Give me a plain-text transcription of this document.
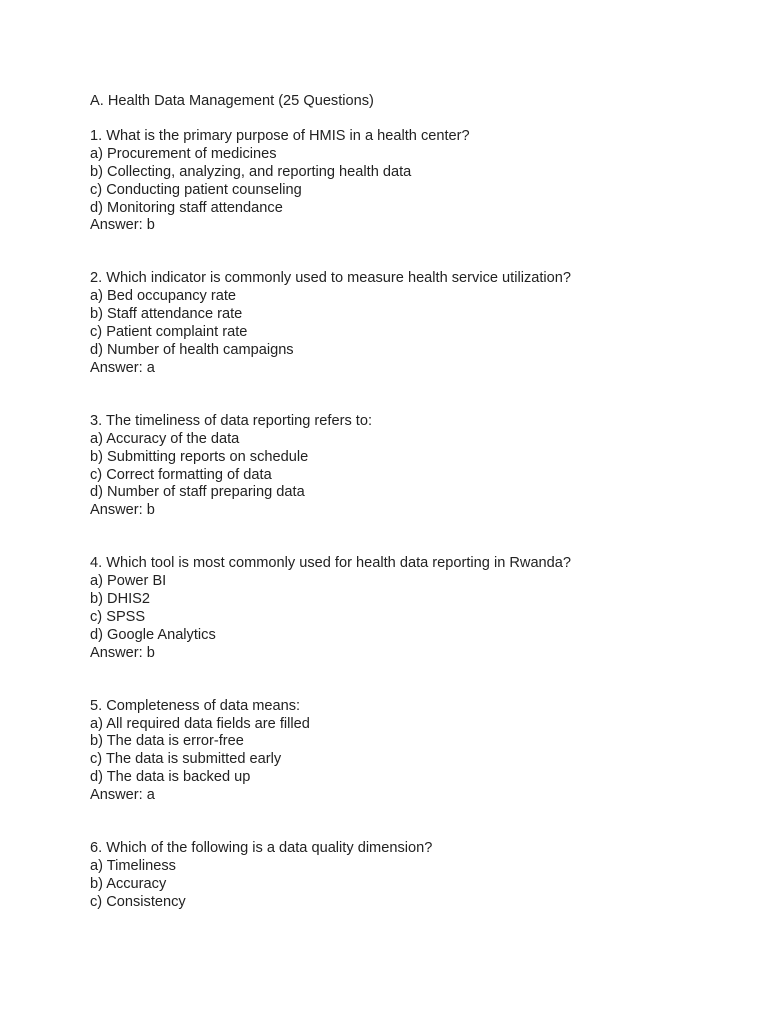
A. Health Data Management (25 Questions)
1. What is the primary purpose of HMIS in a health center?
a) Procurement of medicines
b) Collecting, analyzing, and reporting health data
c) Conducting patient counseling
d) Monitoring staff attendance
Answer: b
2. Which indicator is commonly used to measure health service utilization?
a) Bed occupancy rate
b) Staff attendance rate
c) Patient complaint rate
d) Number of health campaigns
Answer: a
3. The timeliness of data reporting refers to:
a) Accuracy of the data
b) Submitting reports on schedule
c) Correct formatting of data
d) Number of staff preparing data
Answer: b
4. Which tool is most commonly used for health data reporting in Rwanda?
a) Power BI
b) DHIS2
c) SPSS
d) Google Analytics
Answer: b
5. Completeness of data means:
a) All required data fields are filled
b) The data is error-free
c) The data is submitted early
d) The data is backed up
Answer: a
6. Which of the following is a data quality dimension?
a) Timeliness
b) Accuracy
c) Consistency
